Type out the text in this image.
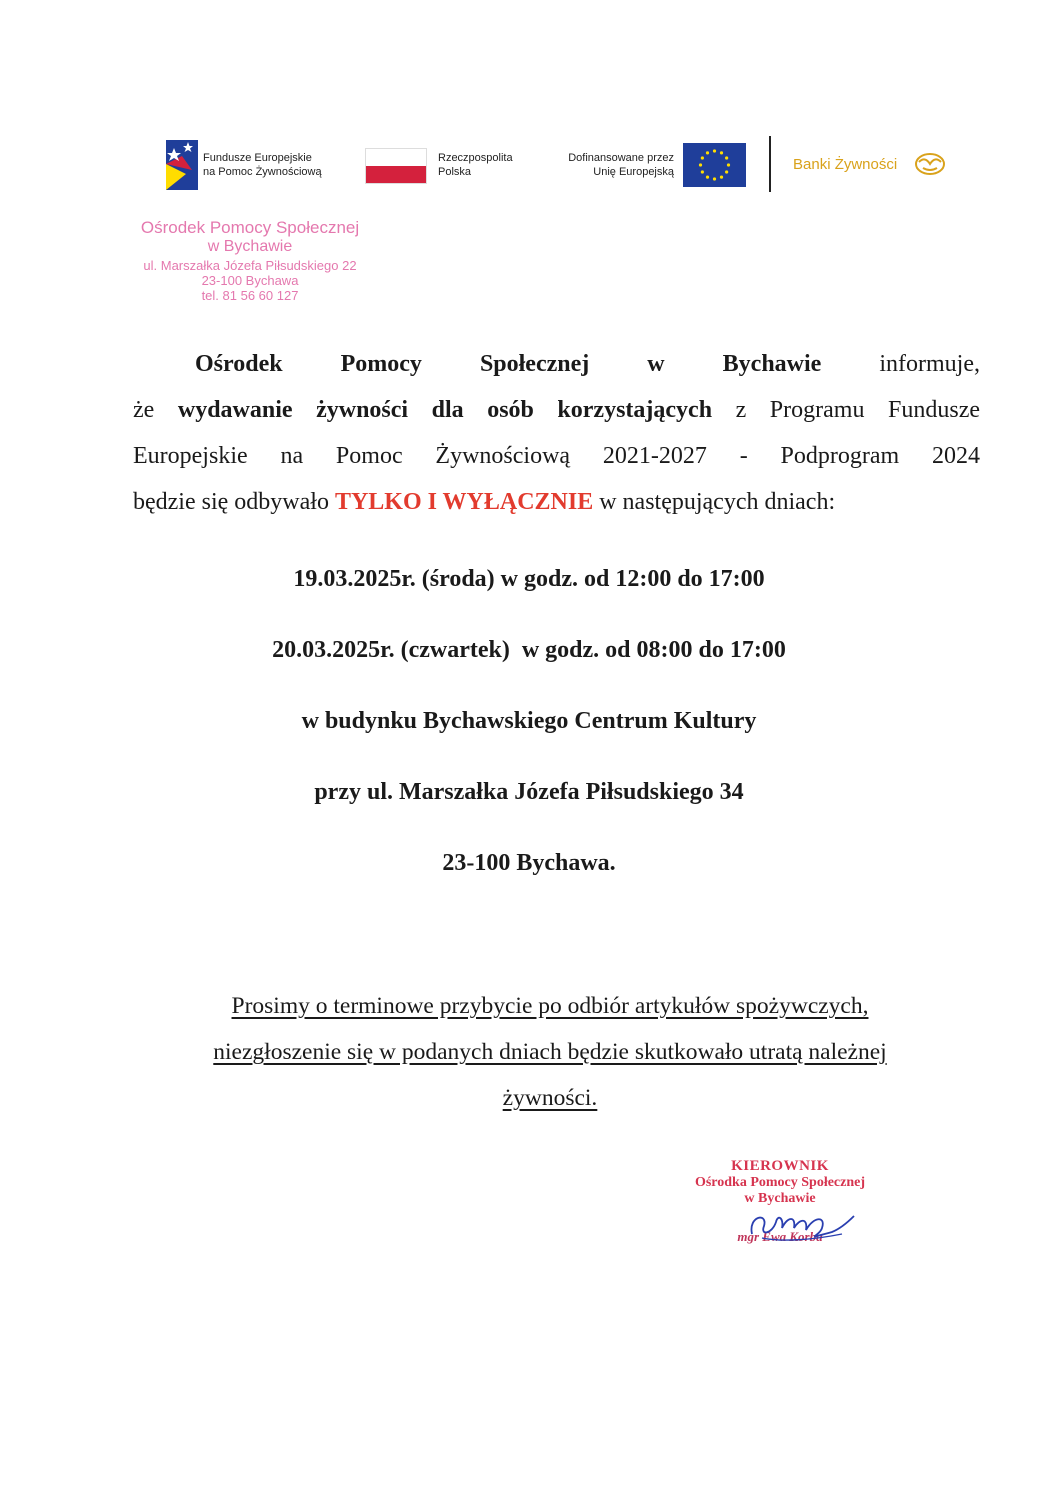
Fundusze Europejskie
na Pomoc Żywnościową
Rzeczpospolita
Polska
Dofinansowane przez
Unię Europejską	Banki Żywności
Ośrodek Pomocy Społecznej
w Bychawie
ul. Marszałka Józefa Piłsudskiego 22
23-100 Bychawa
tel. 81 56 60 127
Ośrodek Pomocy Społecznej w Bychawie informuje,
że wydawanie żywności dla osób korzystających z Programu Fundusze
Europejskie na Pomoc Żywnościową 2021-2027 - Podprogram 2024
będzie się odbywało TYLKO I WYŁĄCZNIE w następujących dniach:
19.03.2025r. (środa) w godz. od 12:00 do 17:00
20.03.2025r. (czwartek)  w godz. od 08:00 do 17:00
w budynku Bychawskiego Centrum Kultury
przy ul. Marszałka Józefa Piłsudskiego 34
23-100 Bychawa.
Prosimy o terminowe przybycie po odbiór artykułów spożywczych,
niezgłoszenie się w podanych dniach będzie skutkowało utratą należnej
żywności.
KIEROWNIK
Ośrodka Pomocy Społecznej
w Bychawie
mgr Ewa Korba
